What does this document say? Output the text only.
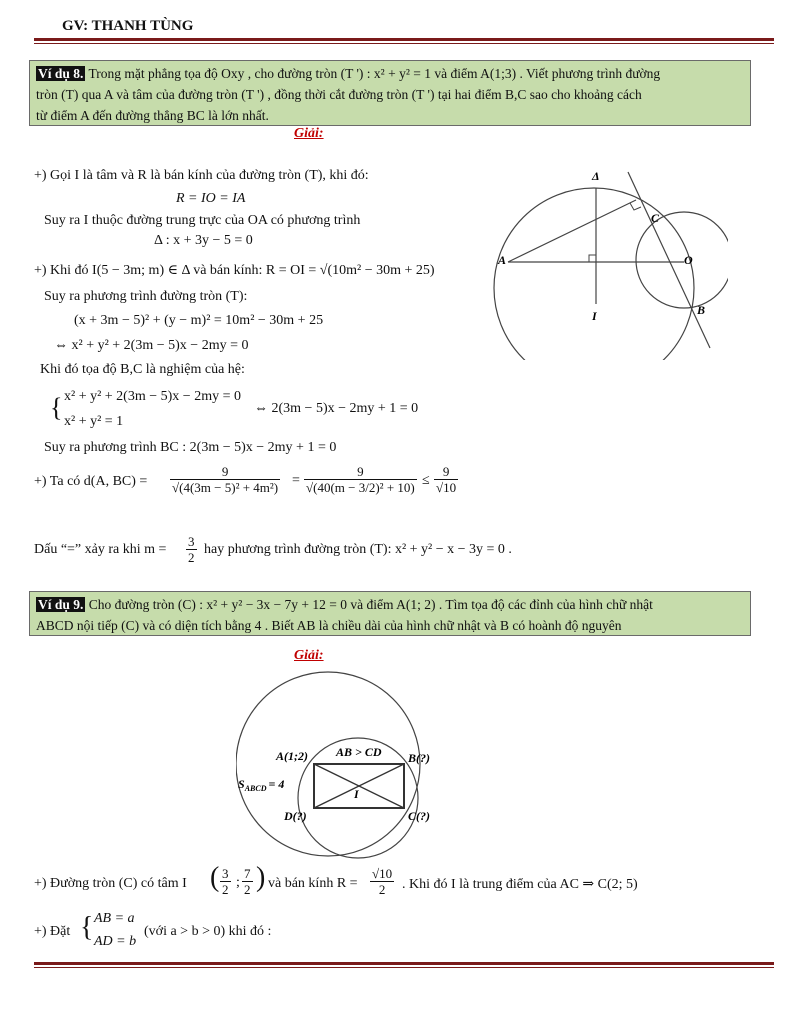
GV: THANH TÙNG
Ví dụ 8. Trong mặt phẳng tọa độ Oxy , cho đường tròn (T ') : x² + y² = 1 và điểm A(1;3) . Viết phương trình đường
tròn (T) qua A và tâm của đường tròn (T ') , đồng thời cắt đường tròn (T ') tại hai điểm B,C sao cho khoảng cách
từ điểm A đến đường thẳng BC là lớn nhất.
Giải:
+) Gọi I là tâm và R là bán kính của đường tròn (T), khi đó:
R = IO = IA
Suy ra I thuộc đường trung trực của OA có phương trình
Δ : x + 3y − 5 = 0
+) Khi đó I(5 − 3m; m) ∈ Δ và bán kính: R = OI = √(10m² − 30m + 25)
Suy ra phương trình đường tròn (T):
(x + 3m − 5)² + (y − m)² = 10m² − 30m + 25
⇔ x² + y² + 2(3m − 5)x − 2my = 0
Khi đó tọa độ B,C là nghiệm của hệ:
{ x² + y² + 2(3m − 5)x − 2my = 0
x² + y² = 1
⇔ 2(3m − 5)x − 2my + 1 = 0
Suy ra phương trình BC : 2(3m − 5)x − 2my + 1 = 0
+) Ta có d(A, $BC) = \frac{9}{\text{√(4(3m − 5)² + 4m²)}} = \frac{9}{\text{√(40(m − 3/2)² + 10)}} \le \frac{9}{√10}$
Dấu “=” xảy ra khi $m = \frac{3}{2}$ hay phương trình đường tròn (T): x² + y² − x − 3y = 0 .
Δ
A
C
O
I	B
Ví dụ 9. Cho đường tròn (C) : x² + y² − 3x − 7y + 12 = 0 và điểm A(1; 2) . Tìm tọa độ các đỉnh của hình chữ nhật
ABCD nội tiếp (C) và có diện tích bằng 4 . Biết AB là chiều dài của hình chữ nhật và B có hoành độ nguyên
Giải:
A(1;2) AB > CD B(?)
I
D(?)	C(?)
$S_{ABCD} = 4$
+) Đường tròn (C) có tâm I ( $\frac{3}{2}$ ; $\frac{7}{2}$ ) và bán kính $R = \frac{√10}{2}$ . Khi đó I là trung điểm của AC ⇒ C(2; 5)
+) Đặt { AB = a
AD = b
(với a > b > 0) khi đó :
